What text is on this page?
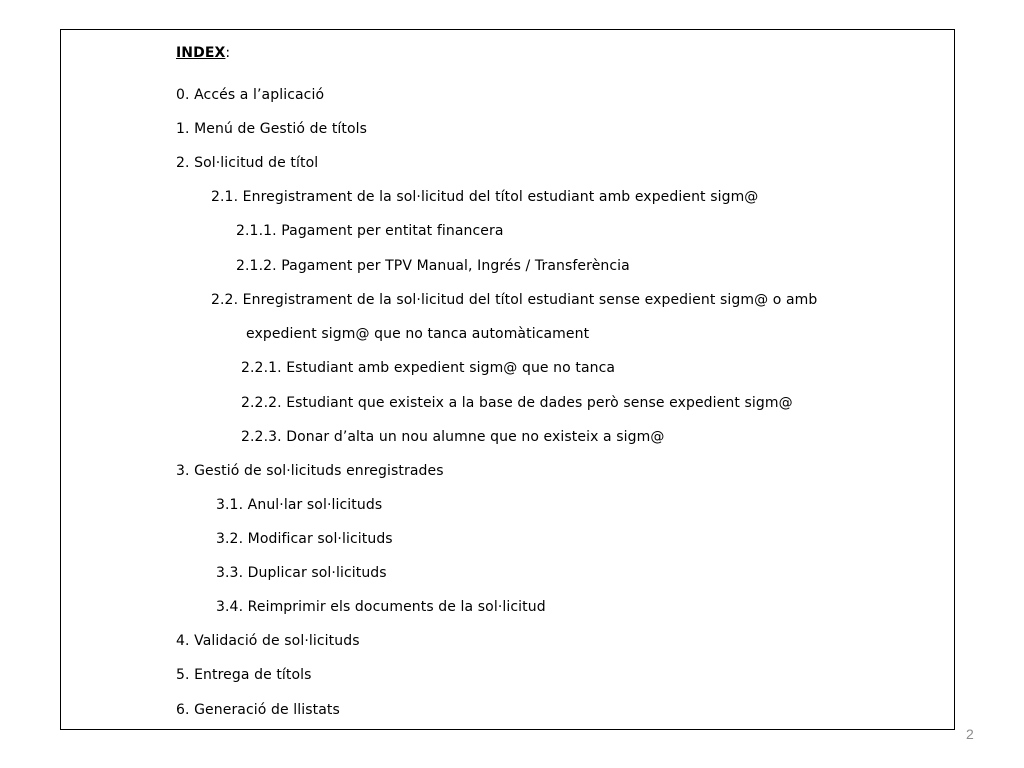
INDEX:
0. Accés a l’aplicació
1. Menú de Gestió de títols
2. Sol·licitud de títol
2.1. Enregistrament de la sol·licitud del títol estudiant amb expedient sigm@
2.1.1. Pagament per entitat financera
2.1.2. Pagament per TPV Manual, Ingrés / Transferència
2.2. Enregistrament de la sol·licitud del títol estudiant sense expedient sigm@ o amb
expedient sigm@ que no tanca automàticament
2.2.1. Estudiant amb expedient sigm@ que no tanca
2.2.2. Estudiant que existeix a la base de dades però sense expedient sigm@
2.2.3. Donar d’alta un nou alumne que no existeix a sigm@
3. Gestió de sol·licituds enregistrades
3.1. Anul·lar sol·licituds
3.2. Modificar sol·licituds
3.3. Duplicar sol·licituds
3.4. Reimprimir els documents de la sol·licitud
4. Validació de sol·licituds
5. Entrega de títols
6. Generació de llistats
2
